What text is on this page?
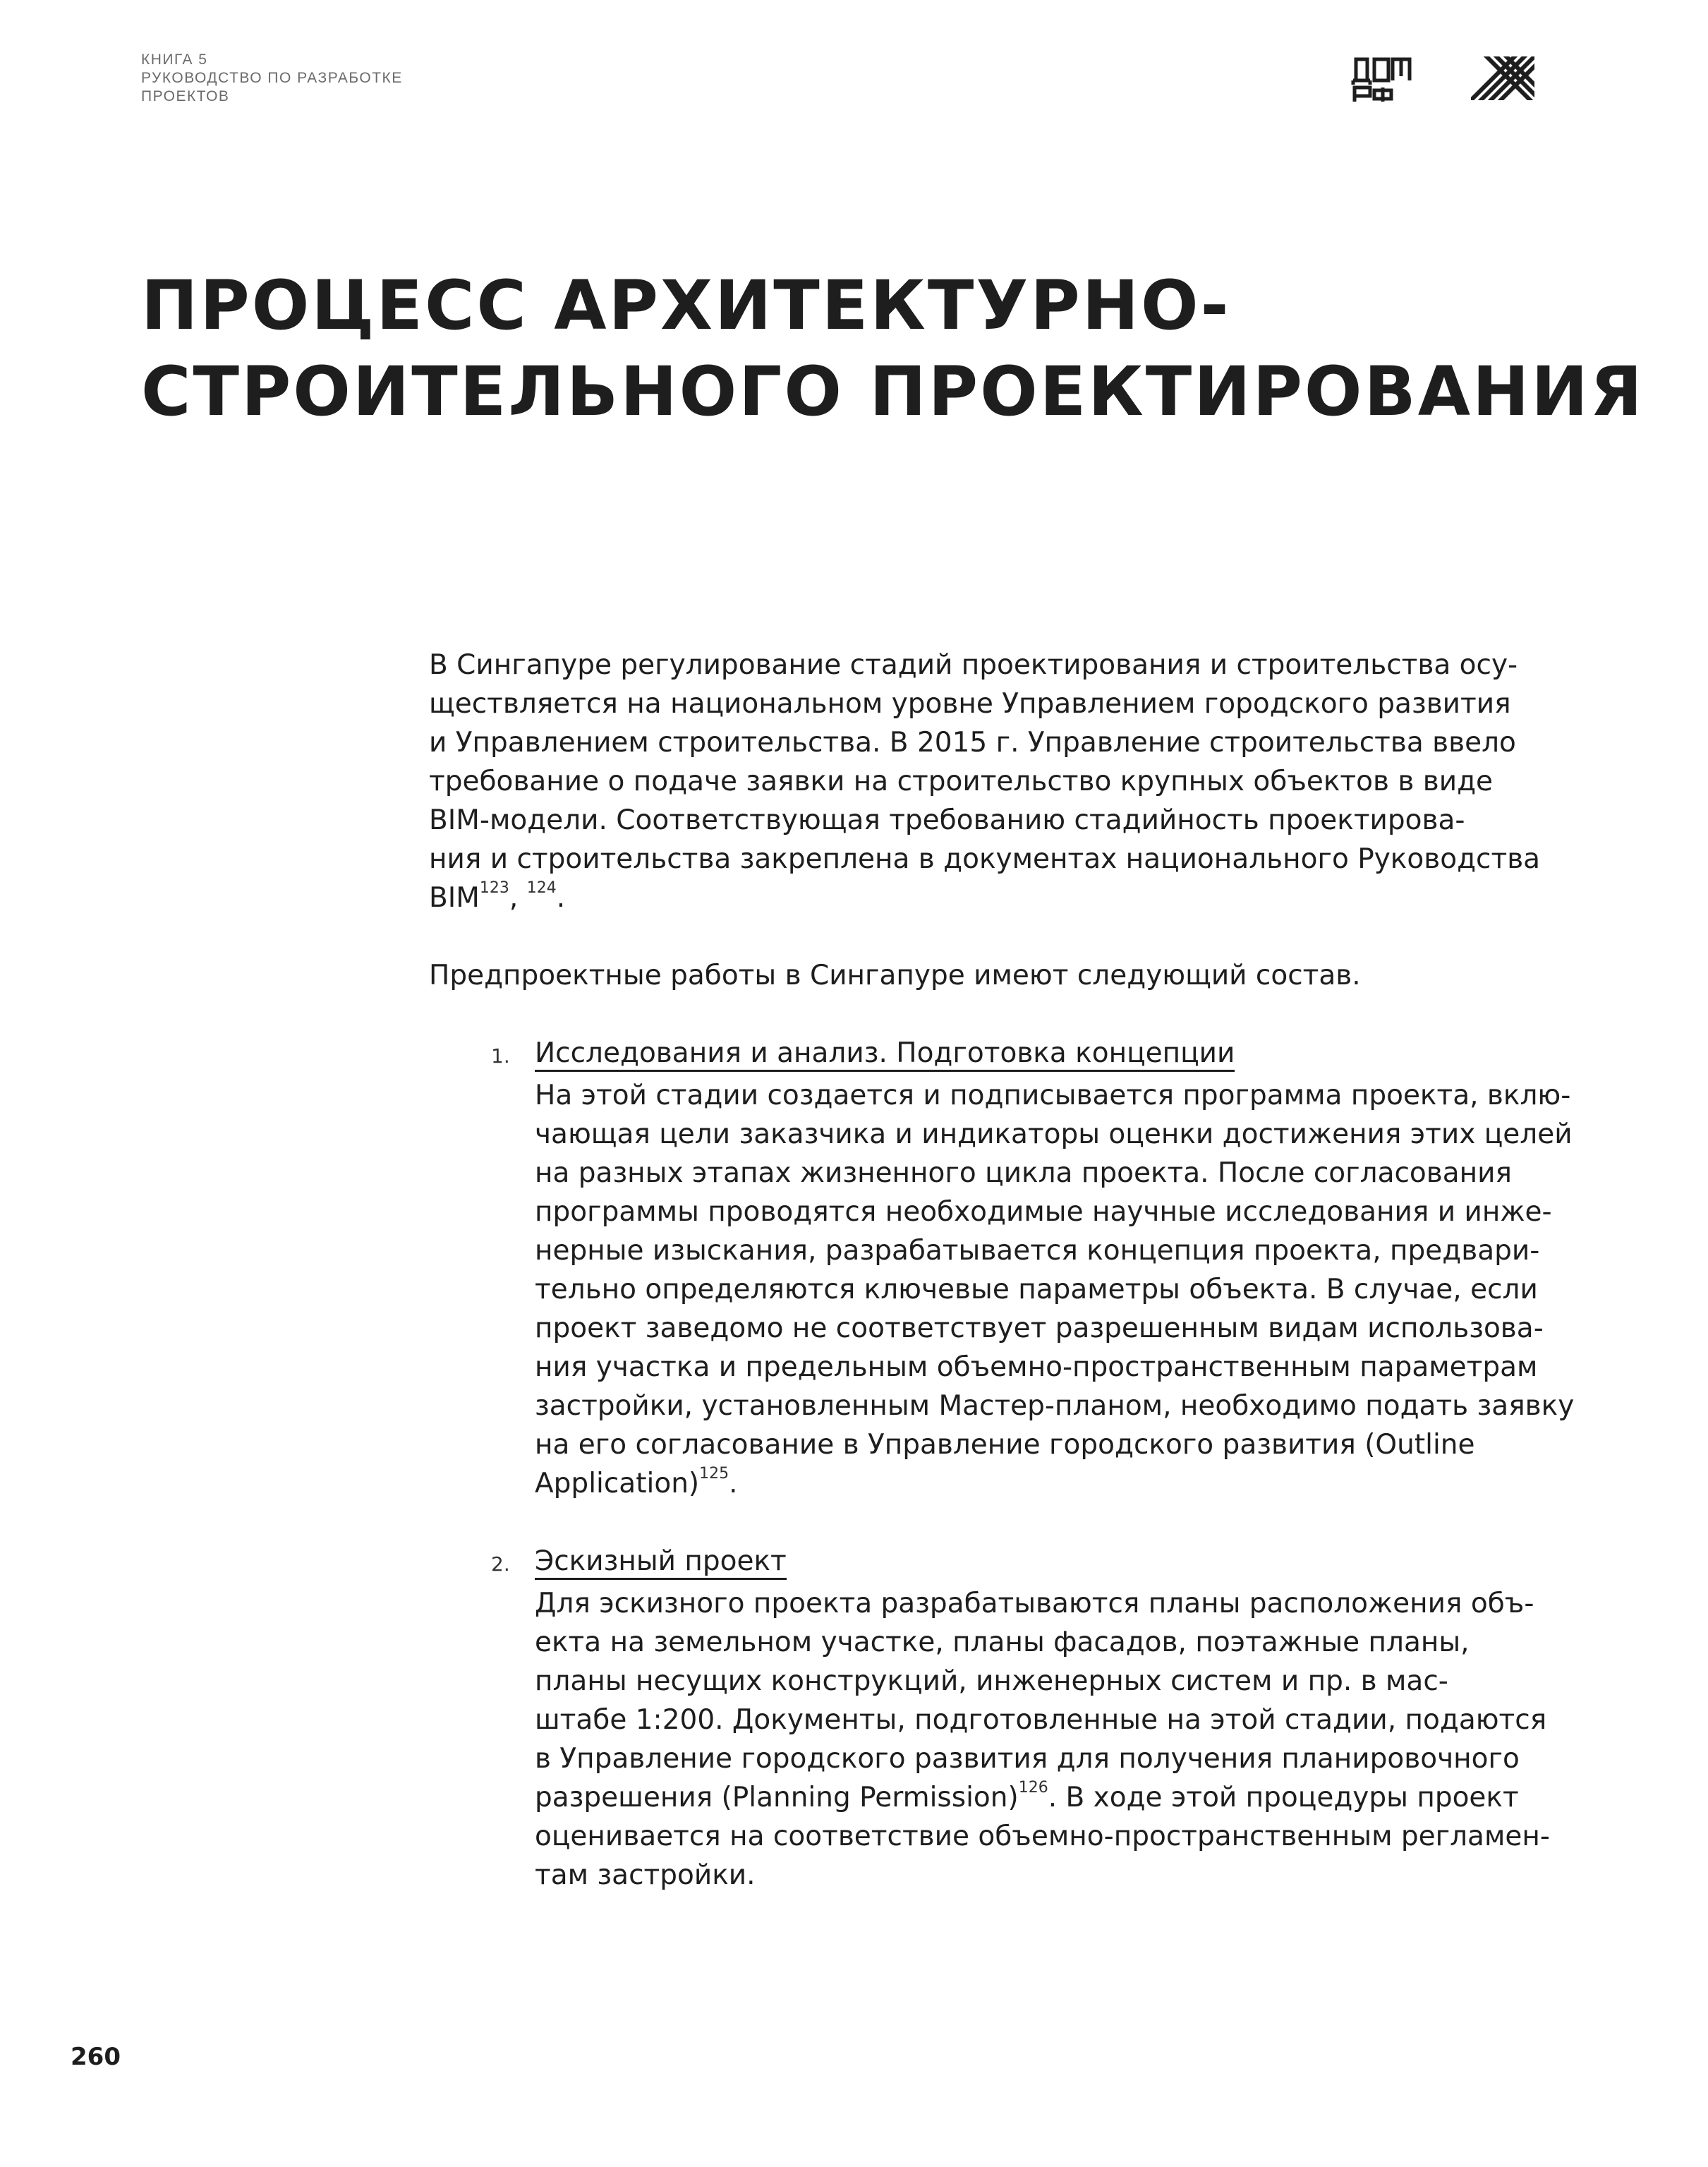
КНИГА 5
РУКОВОДСТВО ПО РАЗРАБОТКЕ
ПРОЕКТОВ
ПРОЦЕСС АРХИТЕКТУРНО-
СТРОИТЕЛЬНОГО ПРОЕКТИРОВАНИЯ

В Сингапуре регулирование стадий проектирования и строительства осу-
ществляется на национальном уровне Управлением городского развития
и Управлением строительства. В 2015 г. Управление строительства ввело
требование о подаче заявки на строительство крупных объектов в виде
BIM-модели. Соответствующая требованию стадийность проектирова-
ния и строительства закреплена в документах национального Руководства
BIM$^{123}$, $^{124}$.

Предпроектные работы в Сингапуре имеют следующий состав.

1. Исследования и анализ. Подготовка концепции
На этой стадии создается и подписывается программа проекта, вклю-
чающая цели заказчика и индикаторы оценки достижения этих целей
на разных этапах жизненного цикла проекта. После согласования
программы проводятся необходимые научные исследования и инже-
нерные изыскания, разрабатывается концепция проекта, предвари-
тельно определяются ключевые параметры объекта. В случае, если
проект заведомо не соответствует разрешенным видам использова-
ния участка и предельным объемно-пространственным параметрам
застройки, установленным Мастер-планом, необходимо подать заявку
на его согласование в Управление городского развития (Outline
Application)$^{125}$.
2. Эскизный проект
Для эскизного проекта разрабатываются планы расположения объ-
екта на земельном участке, планы фасадов, поэтажные планы,
планы несущих конструкций, инженерных систем и пр. в мас-
штабе 1:200. Документы, подготовленные на этой стадии, подаются
в Управление городского развития для получения планировочного
разрешения (Planning Permission)$^{126}$. В ходе этой процедуры проект
оценивается на соответствие объемно-пространственным регламен-
там застройки.
260
